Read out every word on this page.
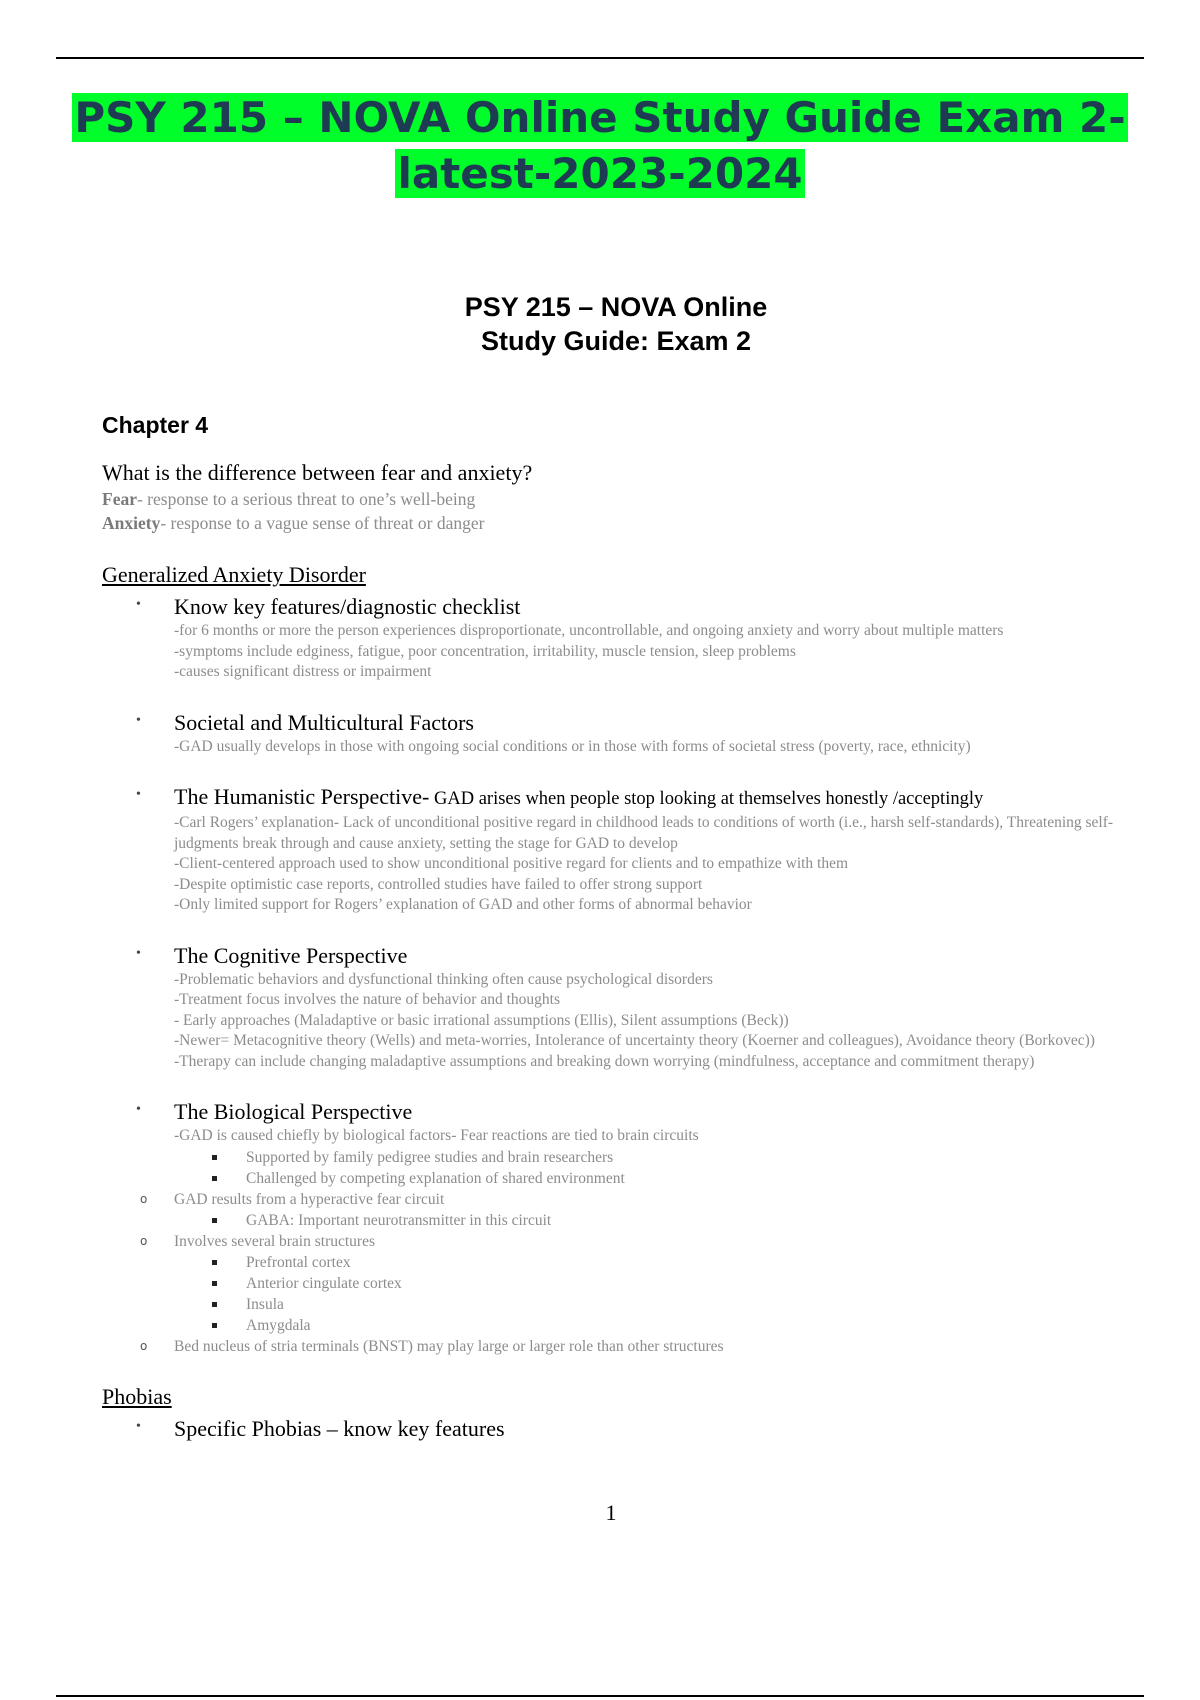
PSY 215 – NOVA Online Study Guide Exam 2-
latest-2023-2024
PSY 215 – NOVA Online
Study Guide: Exam 2
Chapter 4

What is the difference between fear and anxiety?

Fear- response to a serious threat to one’s well-being
Anxiety- response to a vague sense of threat or danger
Generalized Anxiety Disorder
• Know key features/diagnostic checklist
-for 6 months or more the person experiences disproportionate, uncontrollable, and ongoing anxiety and worry about multiple matters
-symptoms include edginess, fatigue, poor concentration, irritability, muscle tension, sleep problems
-causes significant distress or impairment
• Societal and Multicultural Factors
-GAD usually develops in those with ongoing social conditions or in those with forms of societal stress (poverty, race, ethnicity)
• The Humanistic Perspective- GAD arises when people stop looking at themselves honestly /acceptingly
-Carl Rogers’ explanation- Lack of unconditional positive regard in childhood leads to conditions of worth (i.e., harsh self-standards), Threatening self-judgments break through and cause anxiety, setting the stage for GAD to develop
-Client-centered approach used to show unconditional positive regard for clients and to empathize with them
-Despite optimistic case reports, controlled studies have failed to offer strong support
-Only limited support for Rogers’ explanation of GAD and other forms of abnormal behavior
• The Cognitive Perspective
-Problematic behaviors and dysfunctional thinking often cause psychological disorders
-Treatment focus involves the nature of behavior and thoughts
- Early approaches (Maladaptive or basic irrational assumptions (Ellis), Silent assumptions (Beck))
-Newer= Metacognitive theory (Wells) and meta-worries, Intolerance of uncertainty theory (Koerner and colleagues), Avoidance theory (Borkovec))
-Therapy can include changing maladaptive assumptions and breaking down worrying (mindfulness, acceptance and commitment therapy)
• The Biological Perspective
-GAD is caused chiefly by biological factors- Fear reactions are tied to brain circuits
Supported by family pedigree studies and brain researchers
Challenged by competing explanation of shared environment
o GAD results from a hyperactive fear circuit
GABA: Important neurotransmitter in this circuit
o Involves several brain structures
Prefrontal cortex
Anterior cingulate cortex
Insula
Amygdala
o Bed nucleus of stria terminals (BNST) may play large or larger role than other structures
Phobias
• Specific Phobias – know key features
1
